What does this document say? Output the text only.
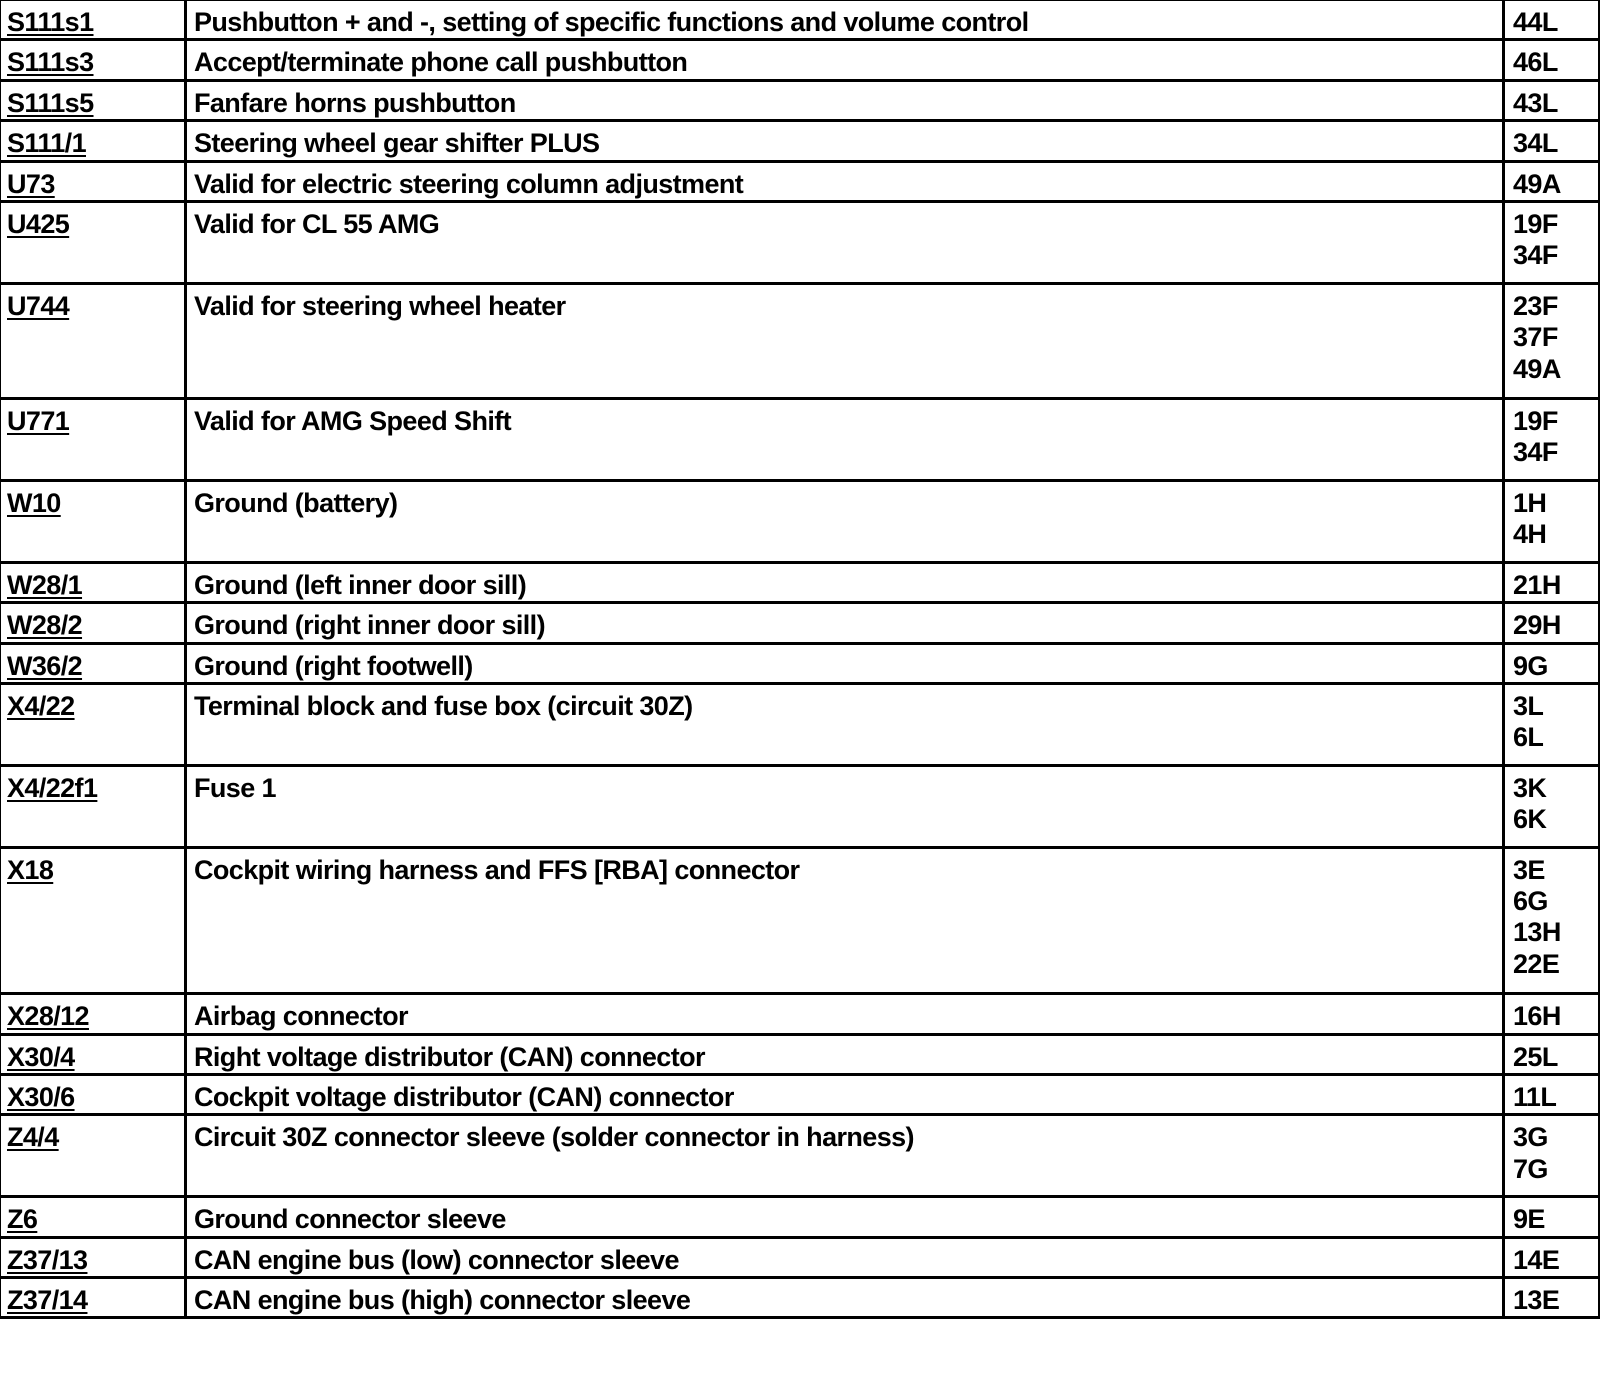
S111s1	Pushbutton + and -, setting of specific functions and volume control	44L

S111s3	Accept/terminate phone call pushbutton	46L

S111s5	Fanfare horns pushbutton	43L

S111/1	Steering wheel gear shifter PLUS	34L

U73	Valid for electric steering column adjustment	49A

U425	Valid for CL 55 AMG	19F
34F

U744	Valid for steering wheel heater	23F
37F
49A

U771	Valid for AMG Speed Shift	19F
34F

W10	Ground (battery)	1H
4H

W28/1	Ground (left inner door sill)	21H

W28/2	Ground (right inner door sill)	29H

W36/2	Ground (right footwell)	9G

X4/22	Terminal block and fuse box (circuit 30Z)	3L
6L

X4/22f1	Fuse 1	3K
6K

X18	Cockpit wiring harness and FFS [RBA] connector	3E
6G
13H
22E

X28/12	Airbag connector	16H

X30/4	Right voltage distributor (CAN) connector	25L

X30/6	Cockpit voltage distributor (CAN) connector	11L

Z4/4	Circuit 30Z connector sleeve (solder connector in harness)	3G
7G

Z6	Ground connector sleeve	9E

Z37/13	CAN engine bus (low) connector sleeve	14E

Z37/14	CAN engine bus (high) connector sleeve	13E
